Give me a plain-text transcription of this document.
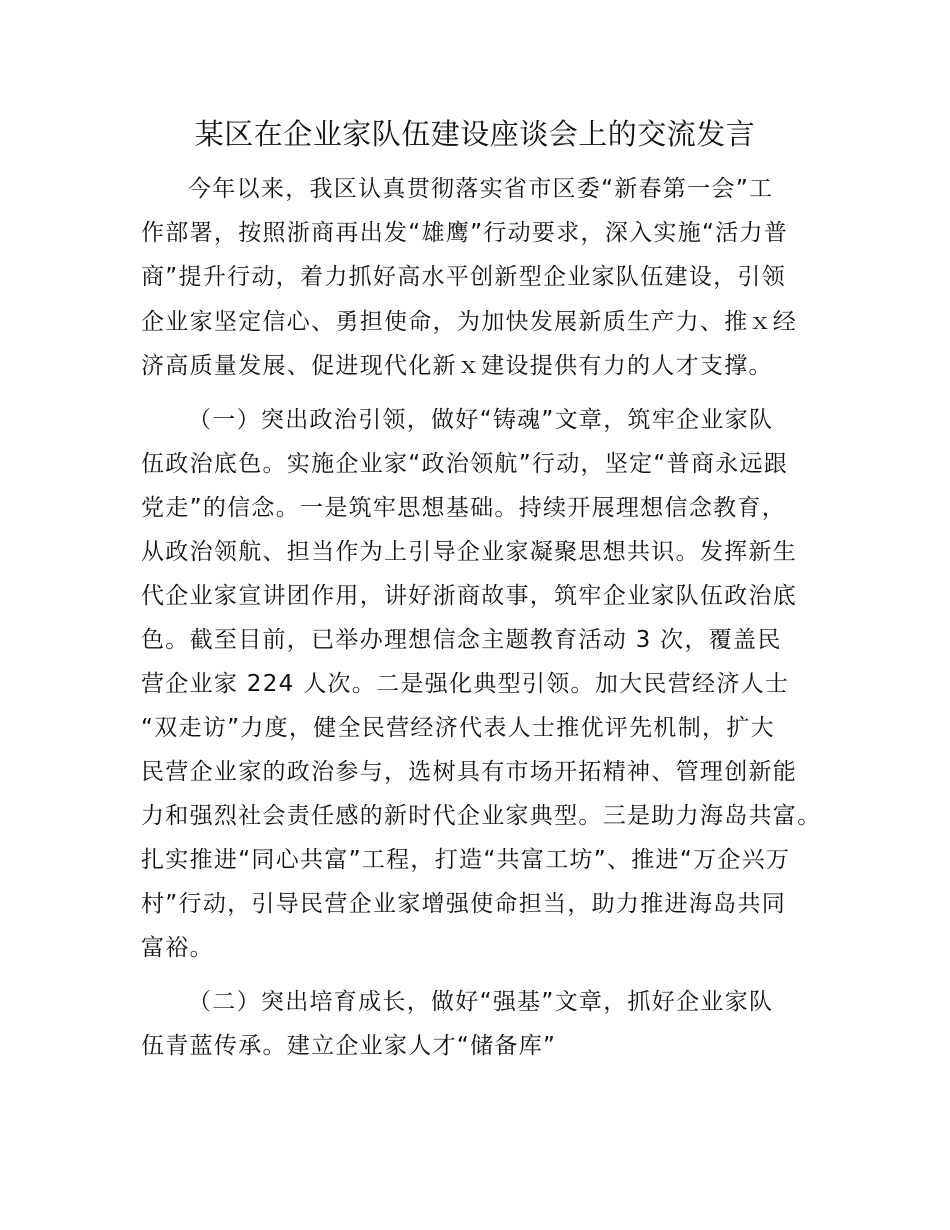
某区在企业家队伍建设座谈会上的交流发言
今年以来，我区认真贯彻落实省市区委“新春第一会”工
作部署，按照浙商再出发“雄鹰”行动要求，深入实施“活力普
商”提升行动，着力抓好高水平创新型企业家队伍建设，引领
企业家坚定信心、勇担使命，为加快发展新质生产力、推ｘ经
济高质量发展、促进现代化新ｘ建设提供有力的人才支撑。
（一）突出政治引领，做好“铸魂”文章，筑牢企业家队
伍政治底色。实施企业家“政治领航”行动，坚定“普商永远跟
党走”的信念。一是筑牢思想基础。持续开展理想信念教育，
从政治领航、担当作为上引导企业家凝聚思想共识。发挥新生
代企业家宣讲团作用，讲好浙商故事，筑牢企业家队伍政治底
色。截至目前，已举办理想信念主题教育活动 3 次，覆盖民
营企业家 224 人次。二是强化典型引领。加大民营经济人士
“双走访”力度，健全民营经济代表人士推优评先机制，扩大
民营企业家的政治参与，选树具有市场开拓精神、管理创新能
力和强烈社会责任感的新时代企业家典型。三是助力海岛共富。
扎实推进“同心共富”工程，打造“共富工坊”、推进“万企兴万
村”行动，引导民营企业家增强使命担当，助力推进海岛共同
富裕。
（二）突出培育成长，做好“强基”文章，抓好企业家队
伍青蓝传承。建立企业家人才“储备库”
